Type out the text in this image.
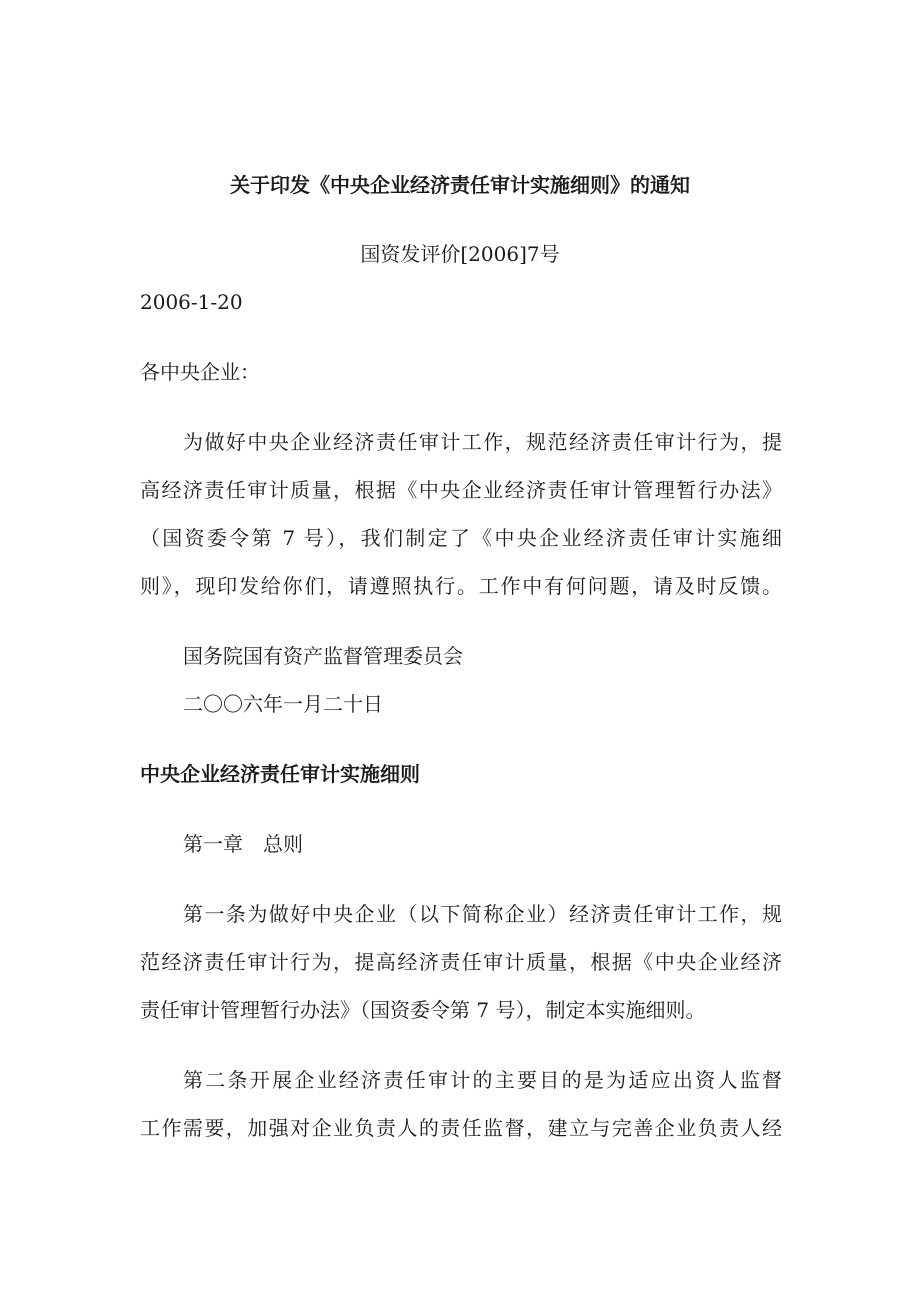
关于印发《中央企业经济责任审计实施细则》的通知
国资发评价[2006]7号
2006-1-20
各中央企业：
为做好中央企业经济责任审计工作，规范经济责任审计行为，提
高经济责任审计质量，根据《中央企业经济责任审计管理暂行办法》
（国资委令第 7 号），我们制定了《中央企业经济责任审计实施细
则》，现印发给你们，请遵照执行。工作中有何问题，请及时反馈。
国务院国有资产监督管理委员会
二〇〇六年一月二十日
中央企业经济责任审计实施细则
第一章　总则
第一条为做好中央企业（以下简称企业）经济责任审计工作，规
范经济责任审计行为，提高经济责任审计质量，根据《中央企业经济
责任审计管理暂行办法》（国资委令第 7 号），制定本实施细则。
第二条开展企业经济责任审计的主要目的是为适应出资人监督
工作需要，加强对企业负责人的责任监督，建立与完善企业负责人经
